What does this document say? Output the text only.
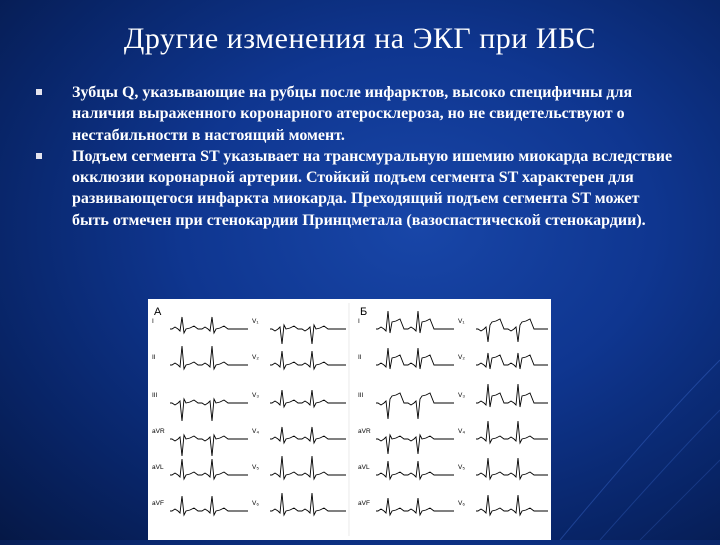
Другие изменения на ЭКГ при ИБС
Зубцы Q, указывающие на рубцы после инфарктов, высоко специфичны для наличия выраженного коронарного атеросклероза, но не свидетельствуют о нестабильности в настоящий момент.
Подъем сегмента ST указывает на трансмуральную ишемию миокарда вследствие окклюзии коронарной артерии. Стойкий подъем сегмента ST характерен для развивающегося инфаркта миокарда. Преходящий подъем сегмента ST может быть отмечен при стенокардии Принцметала (вазоспастической стенокардии).
А	Б
I
II
III
aVR
aVL
aVF
V₁
V₂
V₃
V₄
V₅
V₆
I
II
III
aVR
aVL
aVF
V₁
V₂
V₃
V₄
V₅
V₆
